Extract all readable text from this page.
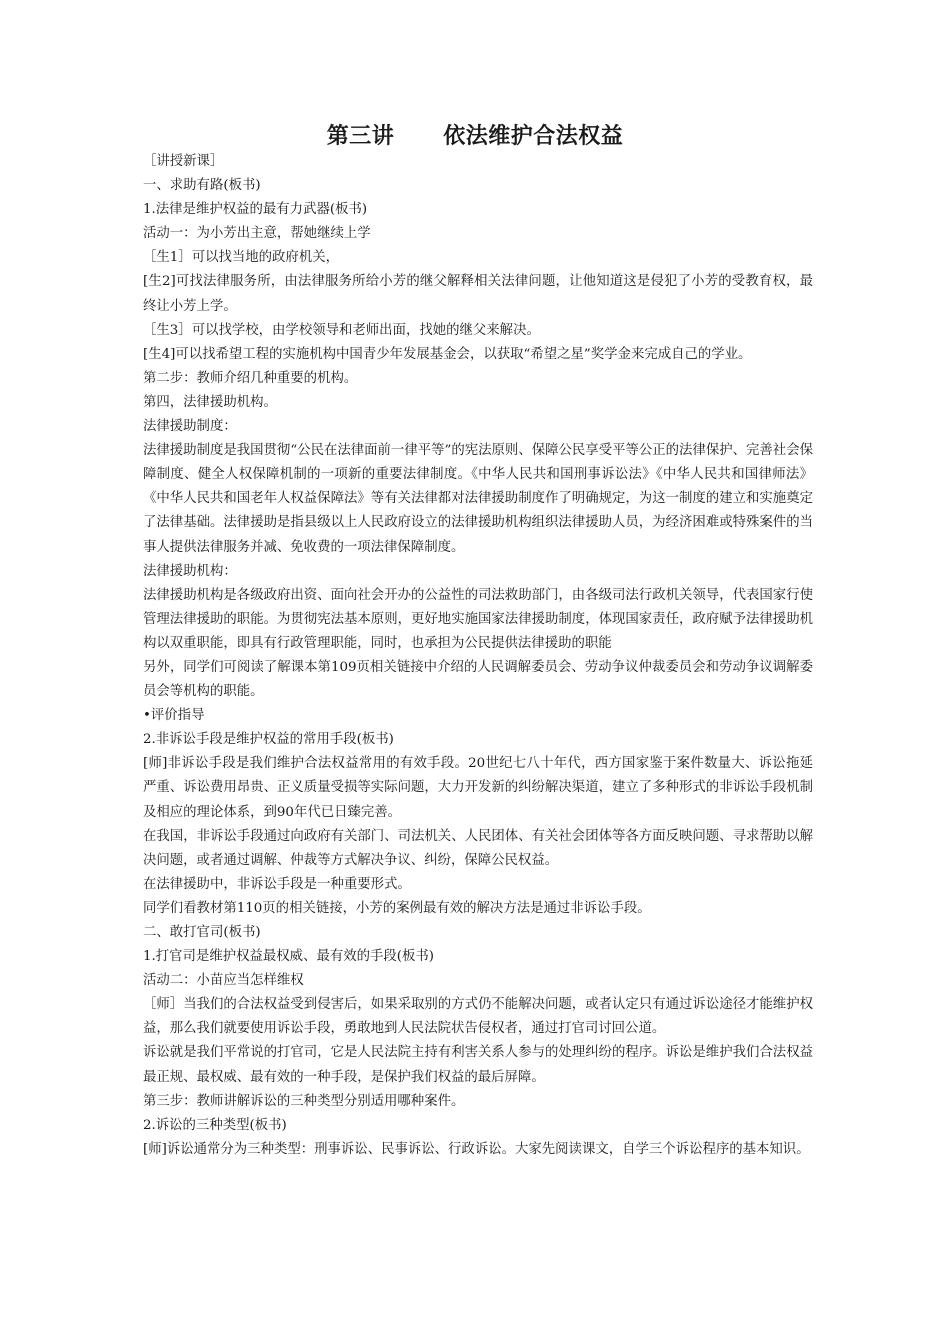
第三讲      依法维护合法权益

［讲授新课］

一、求助有路(板书)

1.法律是维护权益的最有力武器(板书)

活动一：为小芳出主意，帮她继续上学

［生1］可以找当地的政府机关，

[生2]可找法律服务所，由法律服务所给小芳的继父解释相关法律问题，让他知道这是侵犯了小芳的受教育权，最终让小芳上学。

［生3］可以找学校，由学校领导和老师出面，找她的继父来解决。

[生4]可以找希望工程的实施机构中国青少年发展基金会，以获取“希望之星”奖学金来完成自己的学业。

第二步：教师介绍几种重要的机构。

第四，法律援助机构。

法律援助制度：

法律援助制度是我国贯彻“公民在法律面前一律平等”的宪法原则、保障公民享受平等公正的法律保护、完善社会保障制度、健全人权保障机制的一项新的重要法律制度。《中华人民共和国刑事诉讼法》《中华人民共和国律师法》《中华人民共和国老年人权益保障法》等有关法律都对法律援助制度作了明确规定，为这一制度的建立和实施奠定了法律基础。法律援助是指县级以上人民政府设立的法律援助机构组织法律援助人员，为经济困难或特殊案件的当事人提供法律服务并减、免收费的一项法律保障制度。

法律援助机构：

法律援助机构是各级政府出资、面向社会开办的公益性的司法救助部门，由各级司法行政机关领导，代表国家行使管理法律援助的职能。为贯彻宪法基本原则，更好地实施国家法律援助制度，体现国家责任，政府赋予法律援助机构以双重职能，即具有行政管理职能，同时，也承担为公民提供法律援助的职能

另外，同学们可阅读了解课本第109页相关链接中介绍的人民调解委员会、劳动争议仲裁委员会和劳动争议调解委员会等机构的职能。

•评价指导

2.非诉讼手段是维护权益的常用手段(板书)

[师]非诉讼手段是我们维护合法权益常用的有效手段。20世纪七八十年代，西方国家鉴于案件数量大、诉讼拖延严重、诉讼费用昂贵、正义质量受损等实际问题，大力开发新的纠纷解决渠道，建立了多种形式的非诉讼手段机制及相应的理论体系，到90年代已日臻完善。

在我国，非诉讼手段通过向政府有关部门、司法机关、人民团体、有关社会团体等各方面反映问题、寻求帮助以解决问题，或者通过调解、仲裁等方式解决争议、纠纷，保障公民权益。

在法律援助中，非诉讼手段是一种重要形式。

同学们看教材第110页的相关链接，小芳的案例最有效的解决方法是通过非诉讼手段。

二、敢打官司(板书)

1.打官司是维护权益最权威、最有效的手段(板书)

活动二：小苗应当怎样维权

［师］当我们的合法权益受到侵害后，如果采取别的方式仍不能解决问题，或者认定只有通过诉讼途径才能维护权益，那么我们就要使用诉讼手段，勇敢地到人民法院状告侵权者，通过打官司讨回公道。

诉讼就是我们平常说的打官司，它是人民法院主持有利害关系人参与的处理纠纷的程序。诉讼是维护我们合法权益最正规、最权威、最有效的一种手段，是保护我们权益的最后屏障。

第三步：教师讲解诉讼的三种类型分别适用哪种案件。

2.诉讼的三种类型(板书)

[师]诉讼通常分为三种类型：刑事诉讼、民事诉讼、行政诉讼。大家先阅读课文，自学三个诉讼程序的基本知识。
